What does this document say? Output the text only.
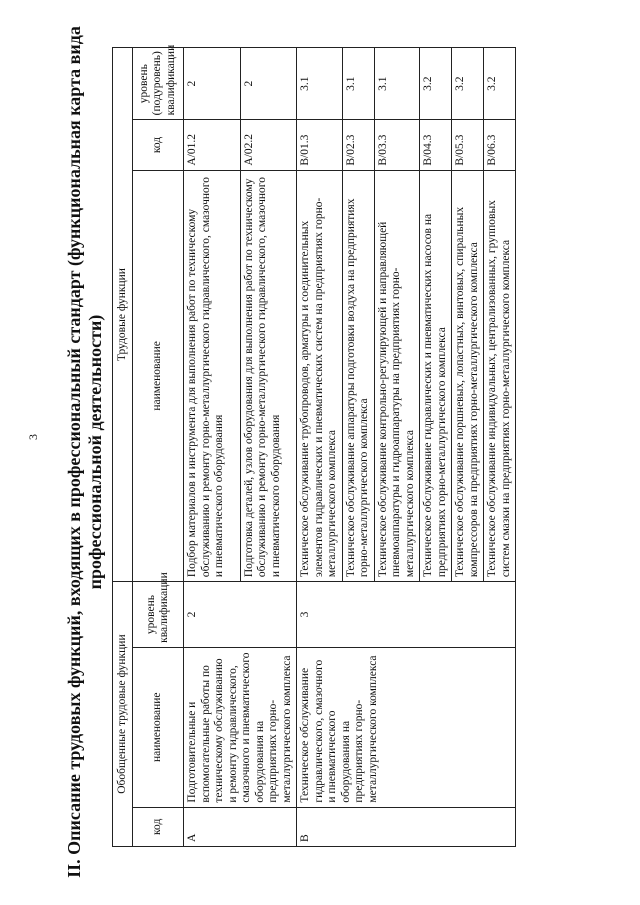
3 II. Описание трудовых функций, входящих в профессиональный стандарт (функциональная карта вида профессиональной деятельности)
Обобщенные трудовые функции			Трудовые функции		
код	наименование	уровень квалификации	наименование	код	уровень (подуровень) квалификации
A	Подготовительные и вспомогательные работы по техническому обслуживанию и ремонту гидравлического, смазочного и пневматического оборудования на предприятиях горно-металлургического комплекса	2	Подбор материалов и инструмента для выполнения работ по техническому обслуживанию и ремонту горно-металлургического гидравлического, смазочного и пневматического оборудования	A/01.2	2
			Подготовка деталей, узлов оборудования для выполнения работ по техническому обслуживанию и ремонту горно-металлургического гидравлического, смазочного и пневматического оборудования	A/02.2	2
B	Техническое обслуживание гидравлического, смазочного и пневматического оборудования на предприятиях горно-металлургического комплекса	3	Техническое обслуживание трубопроводов, арматуры и соединительных элементов гидравлических и пневматических систем на предприятиях горно-металлургического комплекса	B/01.3	3.1
			Техническое обслуживание аппаратуры подготовки воздуха на предприятиях горно-металлургического комплекса	B/02.3	3.1
			Техническое обслуживание контрольно-регулирующей и направляющей пневмоаппаратуры и гидроаппаратуры на предприятиях горно-металлургического комплекса	B/03.3	3.1
			Техническое обслуживание гидравлических и пневматических насосов на предприятиях горно-металлургического комплекса	B/04.3	3.2
			Техническое обслуживание поршневых, лопастных, винтовых, спиральных компрессоров на предприятиях горно-металлургического комплекса	B/05.3	3.2
			Техническое обслуживание индивидуальных, централизованных, групповых систем смазки на предприятиях горно-металлургического комплекса	B/06.3	3.2
